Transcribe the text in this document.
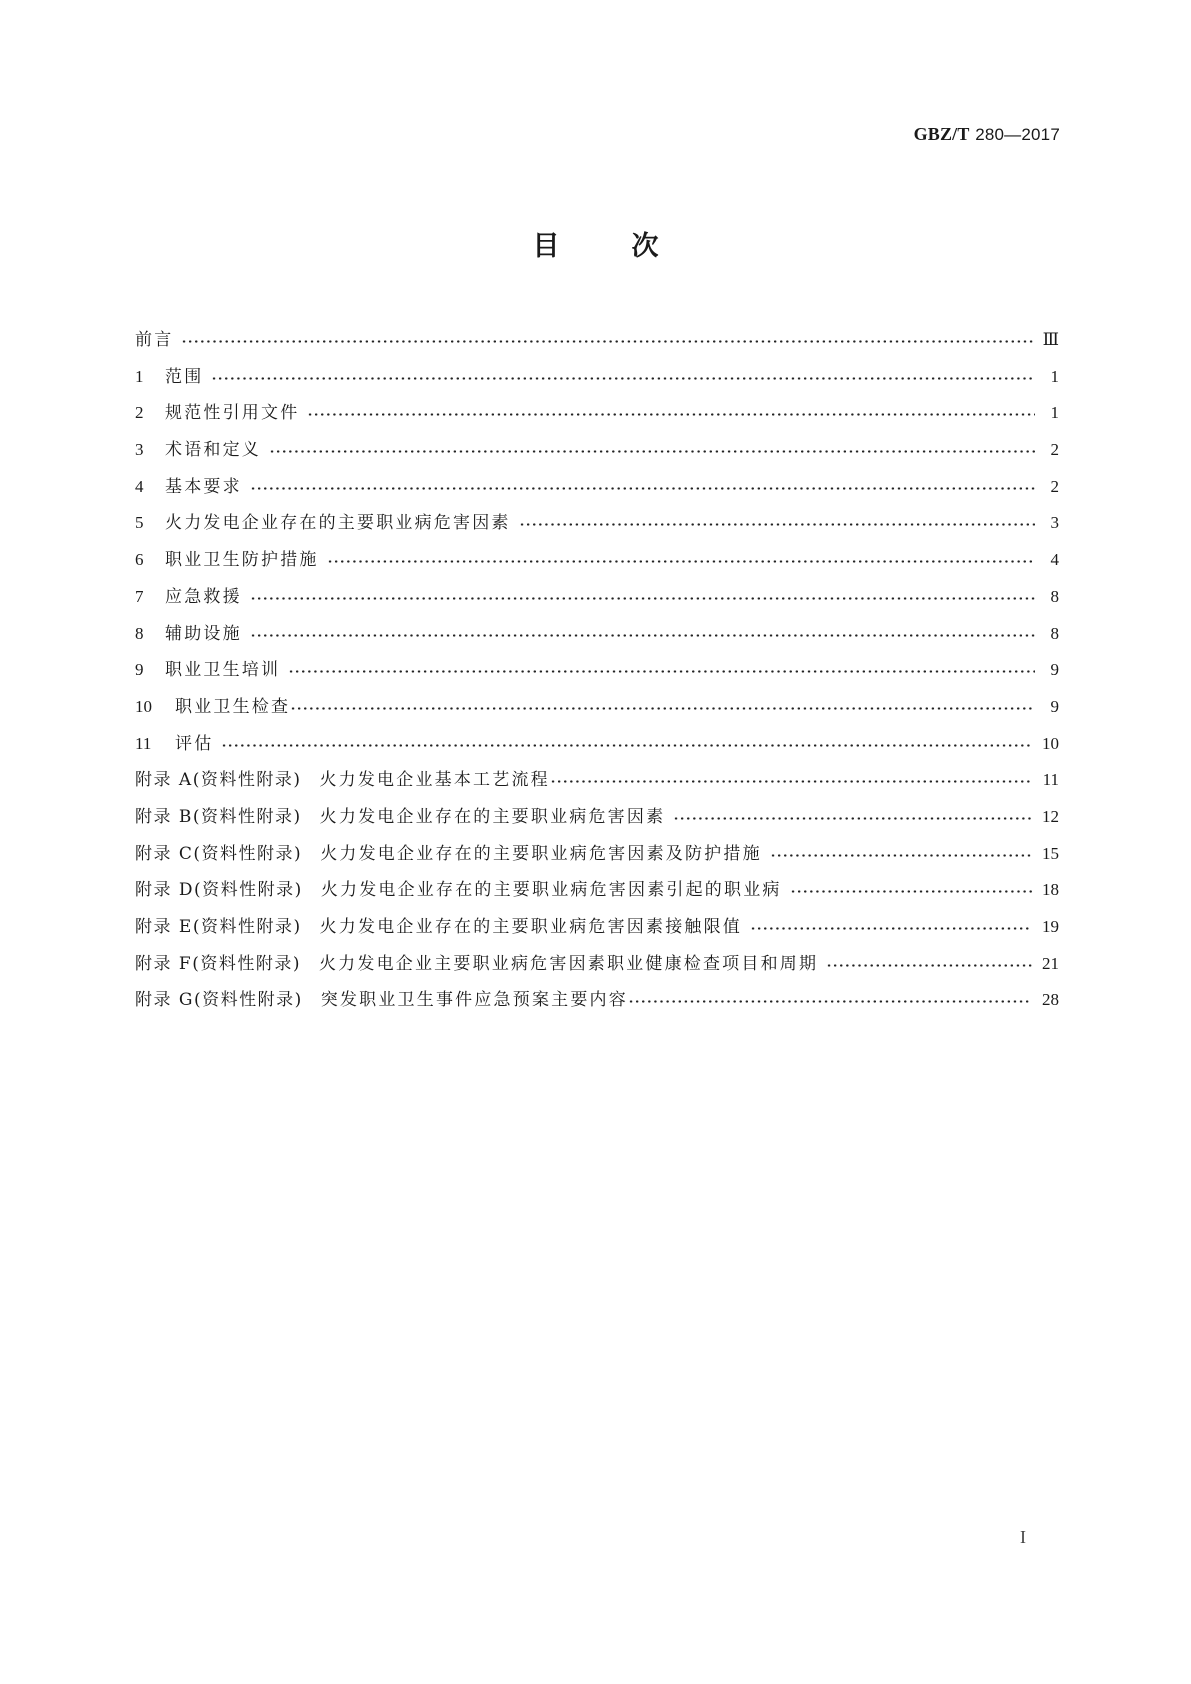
GBZ/T 280—2017
目	次
前言	Ⅲ
1	范围	1
2	规范性引用文件	1
3	术语和定义	2
4	基本要求	2
5	火力发电企业存在的主要职业病危害因素	3
6	职业卫生防护措施	4
7	应急救援	8
8	辅助设施	8
9	职业卫生培训	9
10	职业卫生检查	9
11	评估	10
附录 A (资料性附录) 火力发电企业基本工艺流程	11
附录 B (资料性附录) 火力发电企业存在的主要职业病危害因素	12
附录 C (资料性附录) 火力发电企业存在的主要职业病危害因素及防护措施	15
附录 D (资料性附录) 火力发电企业存在的主要职业病危害因素引起的职业病	18
附录 E (资料性附录) 火力发电企业存在的主要职业病危害因素接触限值	19
附录 F (资料性附录) 火力发电企业主要职业病危害因素职业健康检查项目和周期	21
附录 G (资料性附录) 突发职业卫生事件应急预案主要内容	28
I
